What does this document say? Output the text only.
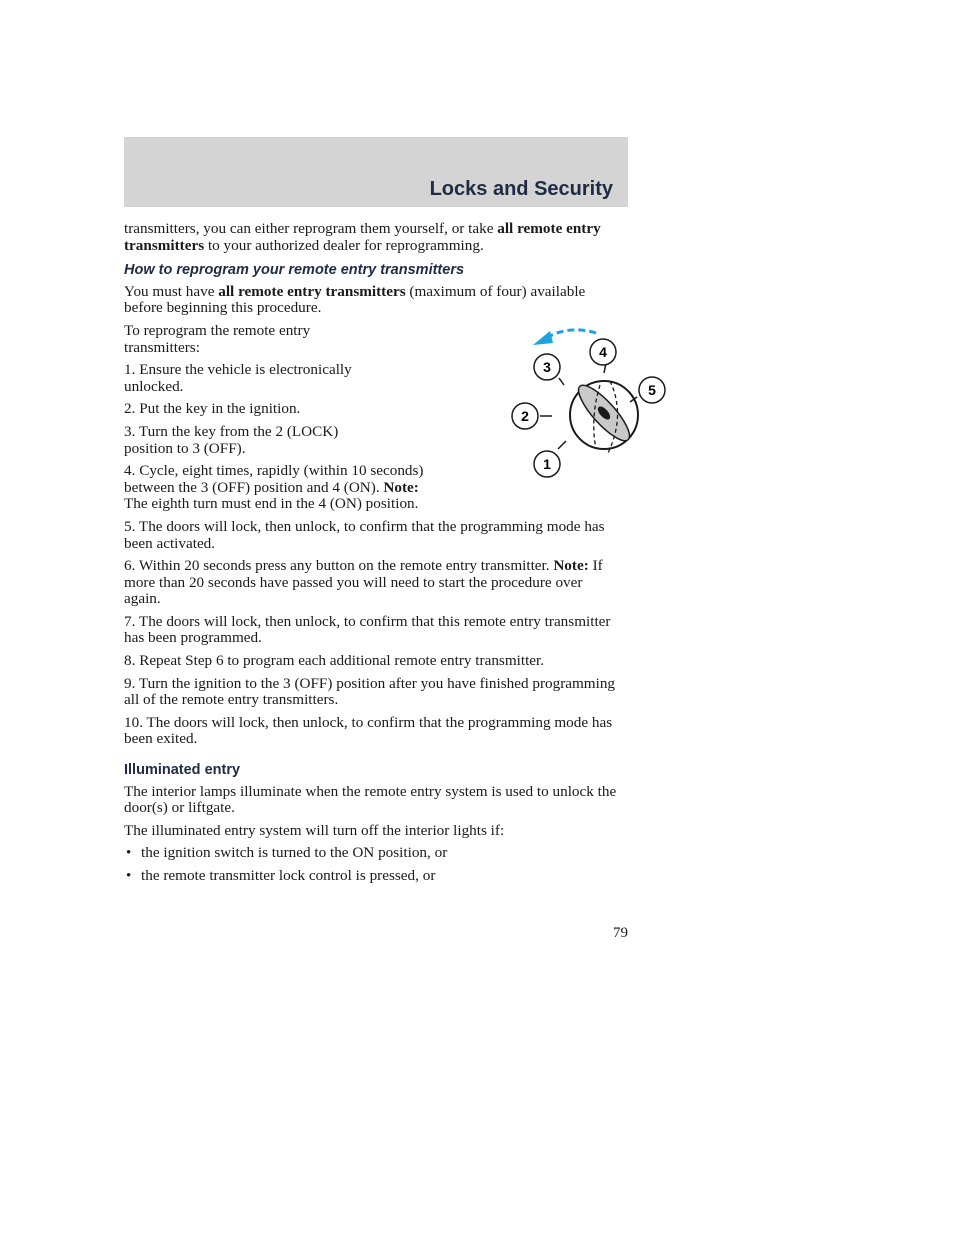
Locks and Security

transmitters, you can either reprogram them yourself, or take all remote entry transmitters to your authorized dealer for reprogramming.

How to reprogram your remote entry transmitters

You must have all remote entry transmitters (maximum of four) available before beginning this procedure.

3
4
2
1
5

To reprogram the remote entry transmitters:

1. Ensure the vehicle is electronically unlocked.

2. Put the key in the ignition.

3. Turn the key from the 2 (LOCK) position to 3 (OFF).

4. Cycle, eight times, rapidly (within 10 seconds) between the 3 (OFF) position and 4 (ON). Note: The eighth turn must end in the 4 (ON) position.

5. The doors will lock, then unlock, to confirm that the programming mode has been activated.

6. Within 20 seconds press any button on the remote entry transmitter. Note: If more than 20 seconds have passed you will need to start the procedure over again.

7. The doors will lock, then unlock, to confirm that this remote entry transmitter has been programmed.

8. Repeat Step 6 to program each additional remote entry transmitter.

9. Turn the ignition to the 3 (OFF) position after you have finished programming all of the remote entry transmitters.

10. The doors will lock, then unlock, to confirm that the programming mode has been exited.

Illuminated entry

The interior lamps illuminate when the remote entry system is used to unlock the door(s) or liftgate.

The illuminated entry system will turn off the interior lights if:

• the ignition switch is turned to the ON position, or
• the remote transmitter lock control is pressed, or
79
